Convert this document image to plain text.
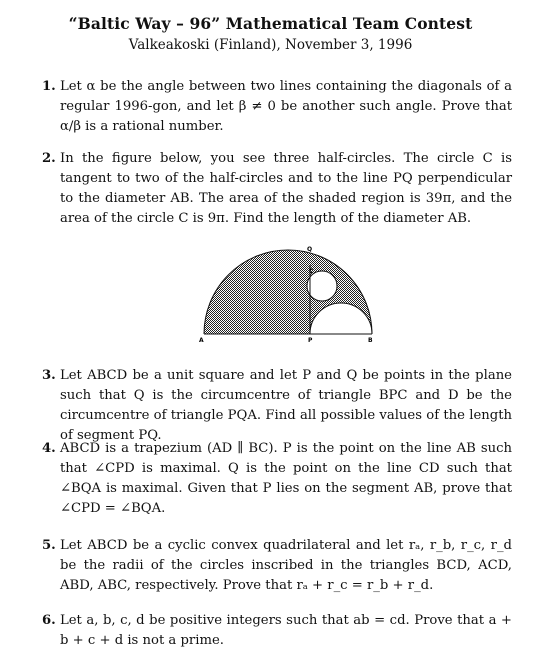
“Baltic Way – 96” Mathematical Team Contest
Valkeakoski (Finland), November 3, 1996
1. Let α be the angle between two lines containing the diagonals of a regular 1996-gon, and let β ≠ 0 be another such angle. Prove that α/β is a rational number.
2. In the figure below, you see three half-circles. The circle C is tangent to two of the half-circles and to the line PQ perpendicular to the diameter AB. The area of the shaded region is 39π, and the area of the circle C is 9π. Find the length of the diameter AB.
Q
C
A	P	B
3. Let ABCD be a unit square and let P and Q be points in the plane such that Q is the circumcentre of triangle BPC and D be the circumcentre of triangle PQA. Find all possible values of the length of segment PQ.
4. ABCD is a trapezium (AD ∥ BC). P is the point on the line AB such that ∠CPD is maximal. Q is the point on the line CD such that ∠BQA is maximal. Given that P lies on the segment AB, prove that ∠CPD = ∠BQA.
5. Let ABCD be a cyclic convex quadrilateral and let rₐ, r_b, r_c, r_d be the radii of the circles inscribed in the triangles BCD, ACD, ABD, ABC, respectively. Prove that rₐ + r_c = r_b + r_d.
6. Let a, b, c, d be positive integers such that ab = cd. Prove that a + b + c + d is not a prime.
